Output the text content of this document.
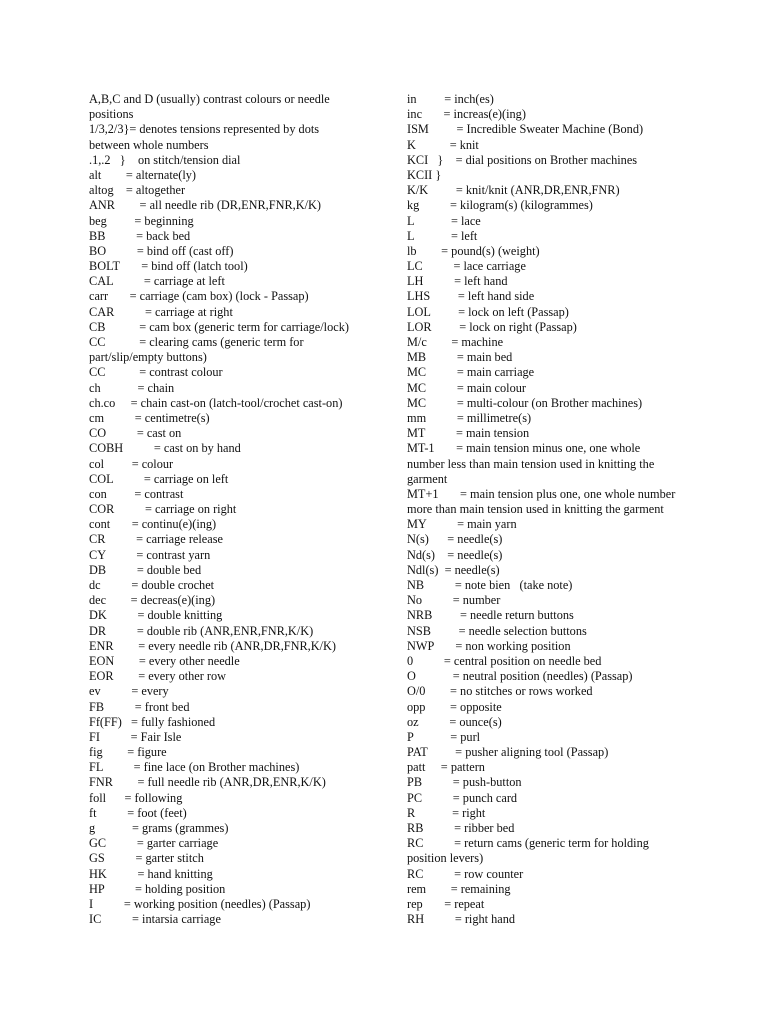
A,B,C and D (usually) contrast colours or needle
positions
1/3,2/3}= denotes tensions represented by dots
between whole numbers
.1,.2   }    on stitch/tension dial
alt        = alternate(ly)
altog    = altogether
ANR        = all needle rib (DR,ENR,FNR,K/K)
beg         = beginning
BB          = back bed
BO          = bind off (cast off)
BOLT       = bind off (latch tool)
CAL          = carriage at left
carr       = carriage (cam box) (lock - Passap)
CAR          = carriage at right
CB           = cam box (generic term for carriage/lock)
CC           = clearing cams (generic term for
part/slip/empty buttons)
CC           = contrast colour
ch            = chain
ch.co     = chain cast-on (latch-tool/crochet cast-on)
cm          = centimetre(s)
CO          = cast on
COBH          = cast on by hand
col         = colour
COL          = carriage on left
con         = contrast
COR          = carriage on right
cont       = continu(e)(ing)
CR          = carriage release
CY          = contrast yarn
DB          = double bed
dc          = double crochet
dec        = decreas(e)(ing)
DK          = double knitting
DR          = double rib (ANR,ENR,FNR,K/K)
ENR        = every needle rib (ANR,DR,FNR,K/K)
EON        = every other needle
EOR        = every other row
ev          = every
FB          = front bed
Ff(FF)   = fully fashioned
FI          = Fair Isle
fig        = figure
FL          = fine lace (on Brother machines)
FNR        = full needle rib (ANR,DR,ENR,K/K)
foll      = following
ft          = foot (feet)
g            = grams (grammes)
GC          = garter carriage
GS          = garter stitch
HK          = hand knitting
HP          = holding position
I          = working position (needles) (Passap)
IC          = intarsia carriage
in         = inch(es)
inc       = increas(e)(ing)
ISM         = Incredible Sweater Machine (Bond)
K           = knit
KCI   }    = dial positions on Brother machines
KCII }
K/K         = knit/knit (ANR,DR,ENR,FNR)
kg          = kilogram(s) (kilogrammes)
L            = lace
L            = left
lb        = pound(s) (weight)
LC          = lace carriage
LH          = left hand
LHS         = left hand side
LOL         = lock on left (Passap)
LOR         = lock on right (Passap)
M/c        = machine
MB          = main bed
MC          = main carriage
MC          = main colour
MC          = multi-colour (on Brother machines)
mm          = millimetre(s)
MT          = main tension
MT-1       = main tension minus one, one whole
number less than main tension used in knitting the
garment
MT+1       = main tension plus one, one whole number
more than main tension used in knitting the garment
MY          = main yarn
N(s)      = needle(s)
Nd(s)    = needle(s)
Ndl(s)  = needle(s)
NB          = note bien   (take note)
No          = number
NRB         = needle return buttons
NSB         = needle selection buttons
NWP       = non working position
0          = central position on needle bed
O            = neutral position (needles) (Passap)
O/0        = no stitches or rows worked
opp        = opposite
oz          = ounce(s)
P            = purl
PAT         = pusher aligning tool (Passap)
patt     = pattern
PB          = push-button
PC          = punch card
R            = right
RB          = ribber bed
RC          = return cams (generic term for holding
position levers)
RC          = row counter
rem        = remaining
rep       = repeat
RH          = right hand
